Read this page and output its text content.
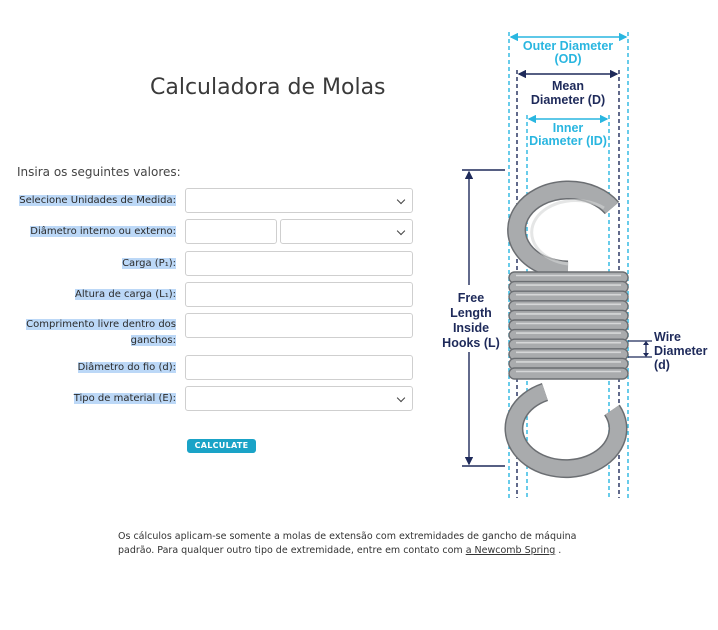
Calculadora de Molas
Insira os seguintes valores:
Selecione Unidades de Medida:
Diâmetro interno ou externo:
Carga (P₁):
Altura de carga (L₁):
Comprimento livre dentro dos ganchos:
Diâmetro do fio (d):
Tipo de material (E):
CALCULATE
Os cálculos aplicam-se somente a molas de extensão com extremidades de gancho de máquina padrão. Para qualquer outro tipo de extremidade, entre em contato com a Newcomb Spring .
Outer Diameter
(OD)
Mean
Diameter (D)
Inner
Diameter (ID)
Free
Length
Inside
Hooks (L)	Wire
Diameter
(d)
